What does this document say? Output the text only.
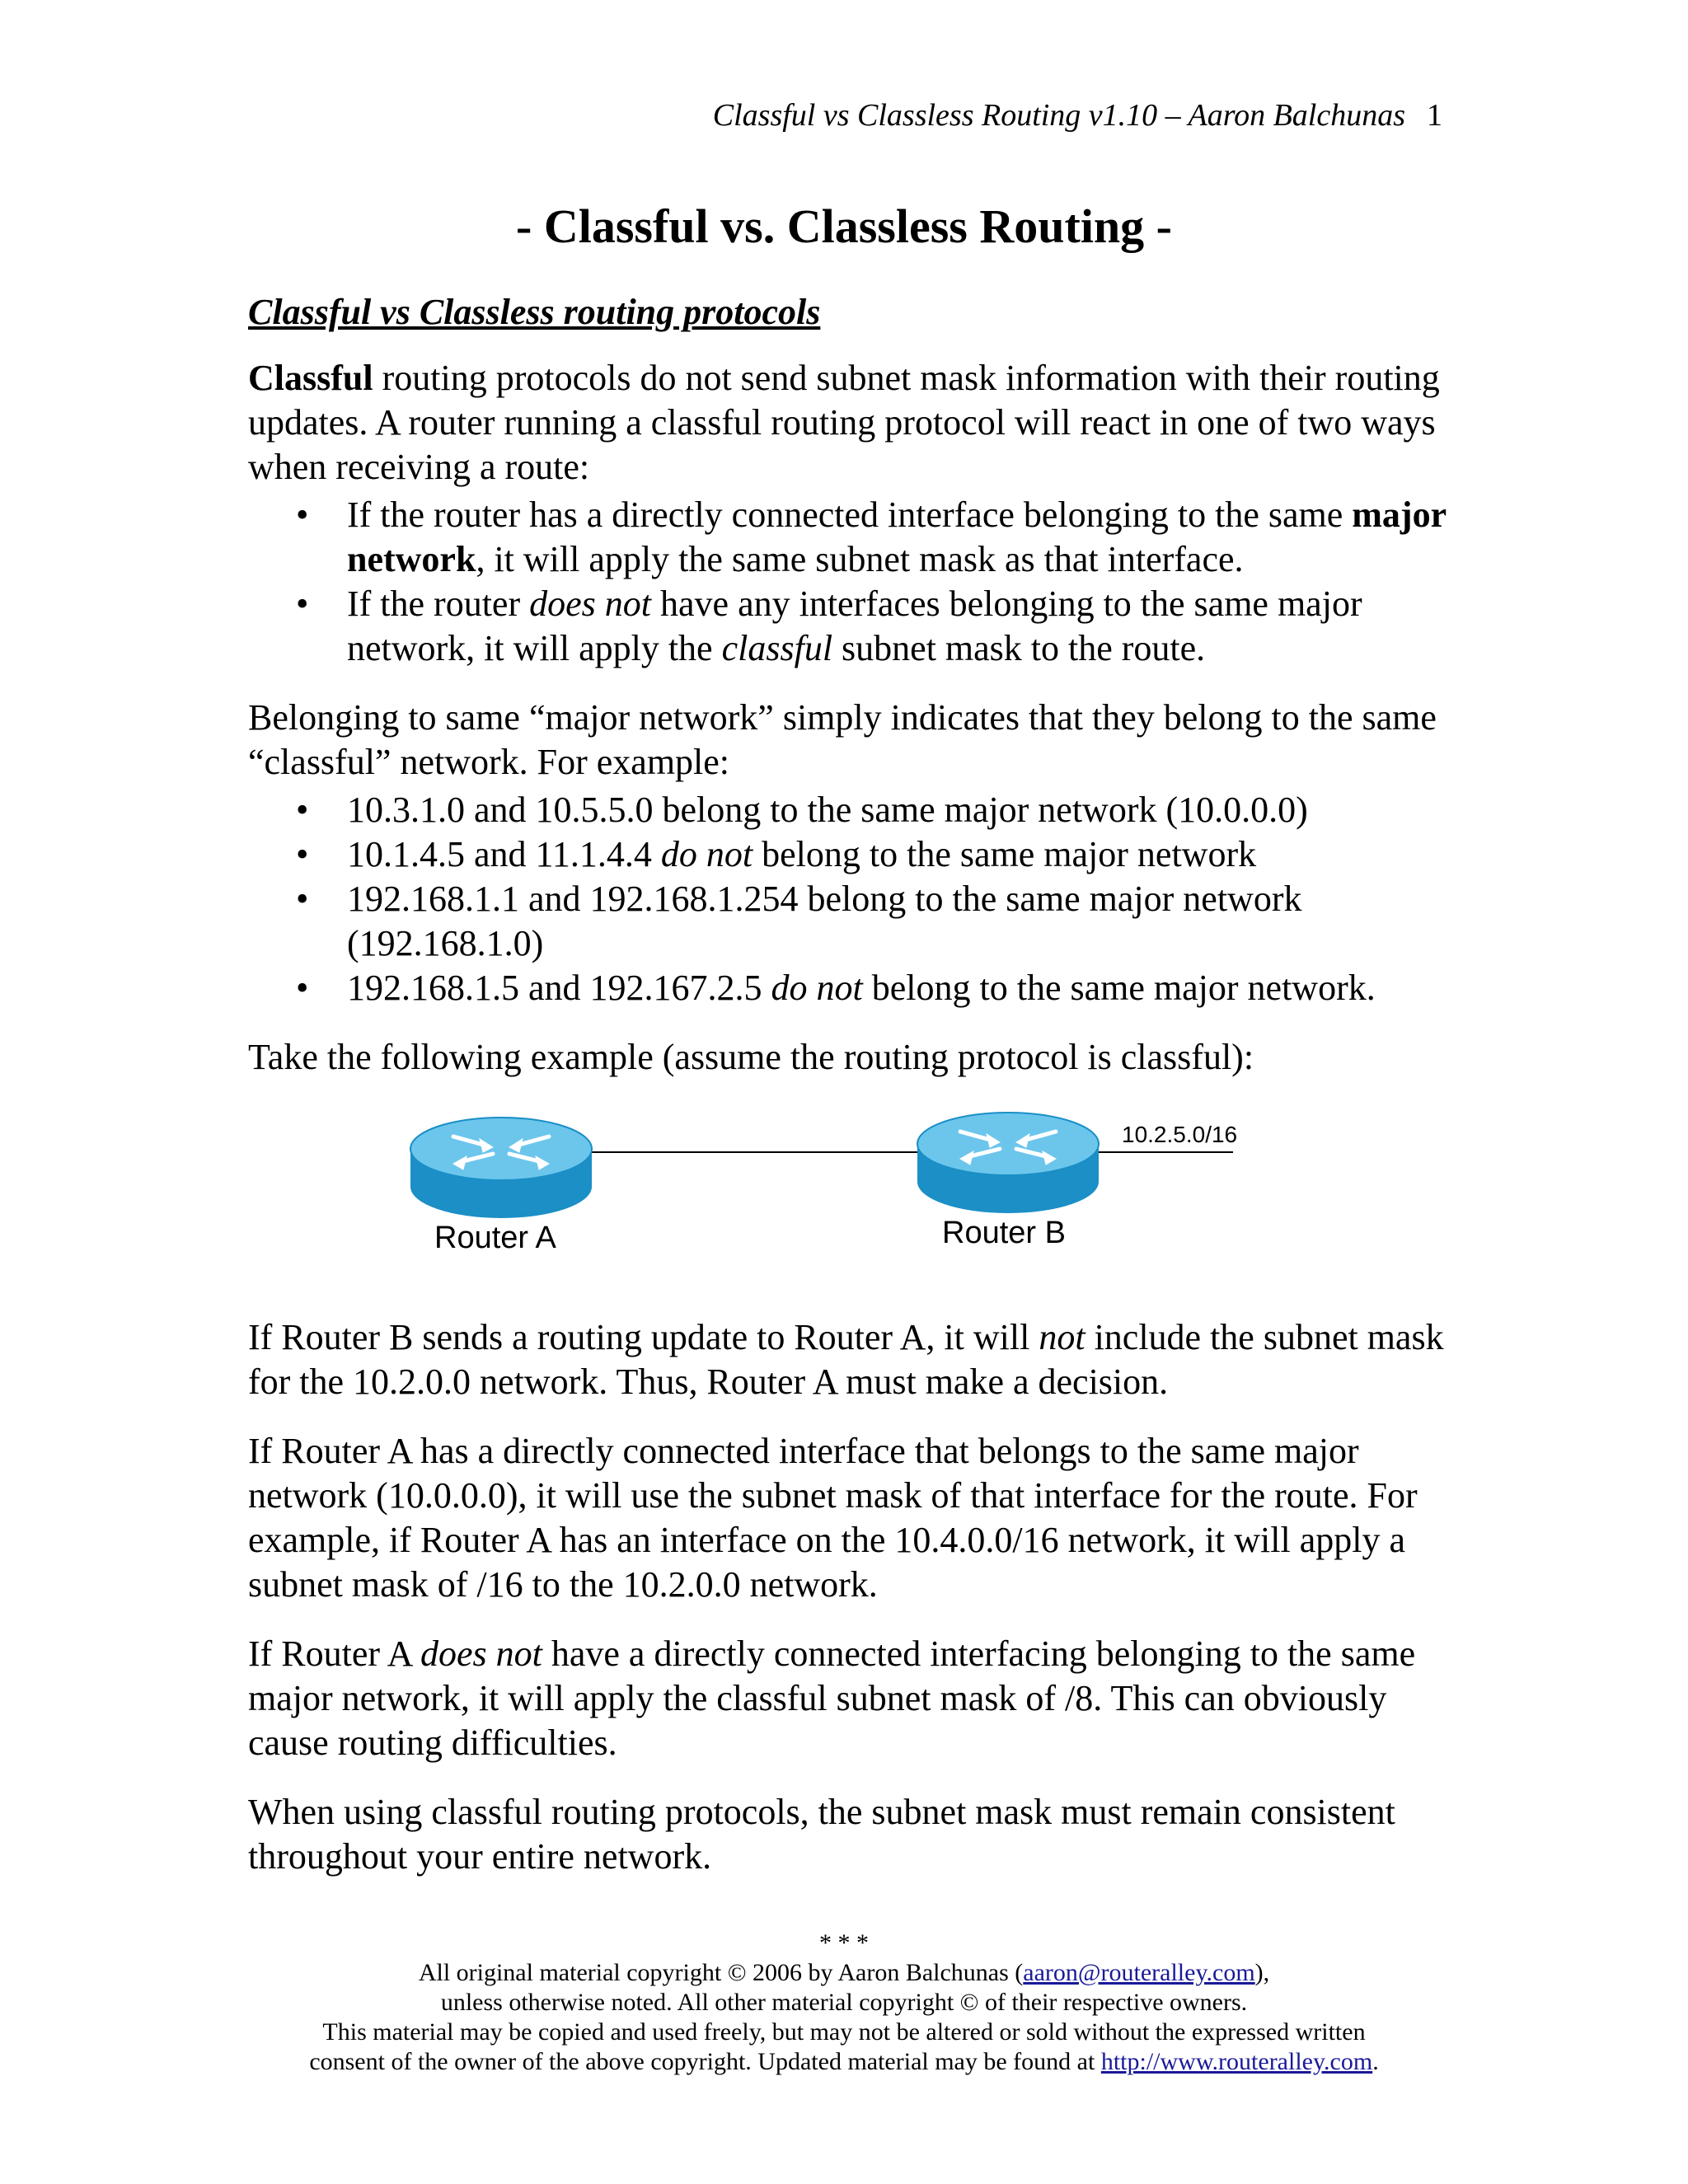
Classful vs Classless Routing v1.10 – Aaron Balchunas 1
- Classful vs. Classless Routing -
Classful vs Classless routing protocols

Classful routing protocols do not send subnet mask information with their routing updates. A router running a classful routing protocol will react in one of two ways when receiving a route:

• If the router has a directly connected interface belonging to the same major network, it will apply the same subnet mask as that interface.
• If the router does not have any interfaces belonging to the same major network, it will apply the classful subnet mask to the route.

Belonging to same “major network” simply indicates that they belong to the same “classful” network. For example:

• 10.3.1.0 and 10.5.5.0 belong to the same major network (10.0.0.0)
• 10.1.4.5 and 11.1.4.4 do not belong to the same major network
• 192.168.1.1 and 192.168.1.254 belong to the same major network (192.168.1.0)
• 192.168.1.5 and 192.167.2.5 do not belong to the same major network.

Take the following example (assume the routing protocol is classful):

10.2.5.0/16
Router A	Router B

If Router B sends a routing update to Router A, it will not include the subnet mask for the 10.2.0.0 network. Thus, Router A must make a decision.

If Router A has a directly connected interface that belongs to the same major network (10.0.0.0), it will use the subnet mask of that interface for the route. For example, if Router A has an interface on the 10.4.0.0/16 network, it will apply a subnet mask of /16 to the 10.2.0.0 network.

If Router A does not have a directly connected interfacing belonging to the same major network, it will apply the classful subnet mask of /8. This can obviously cause routing difficulties.

When using classful routing protocols, the subnet mask must remain consistent throughout your entire network.

* * *
All original material copyright © 2006 by Aaron Balchunas (aaron@routeralley.com),
unless otherwise noted. All other material copyright © of their respective owners.
This material may be copied and used freely, but may not be altered or sold without the expressed written
consent of the owner of the above copyright. Updated material may be found at http://www.routeralley.com.
